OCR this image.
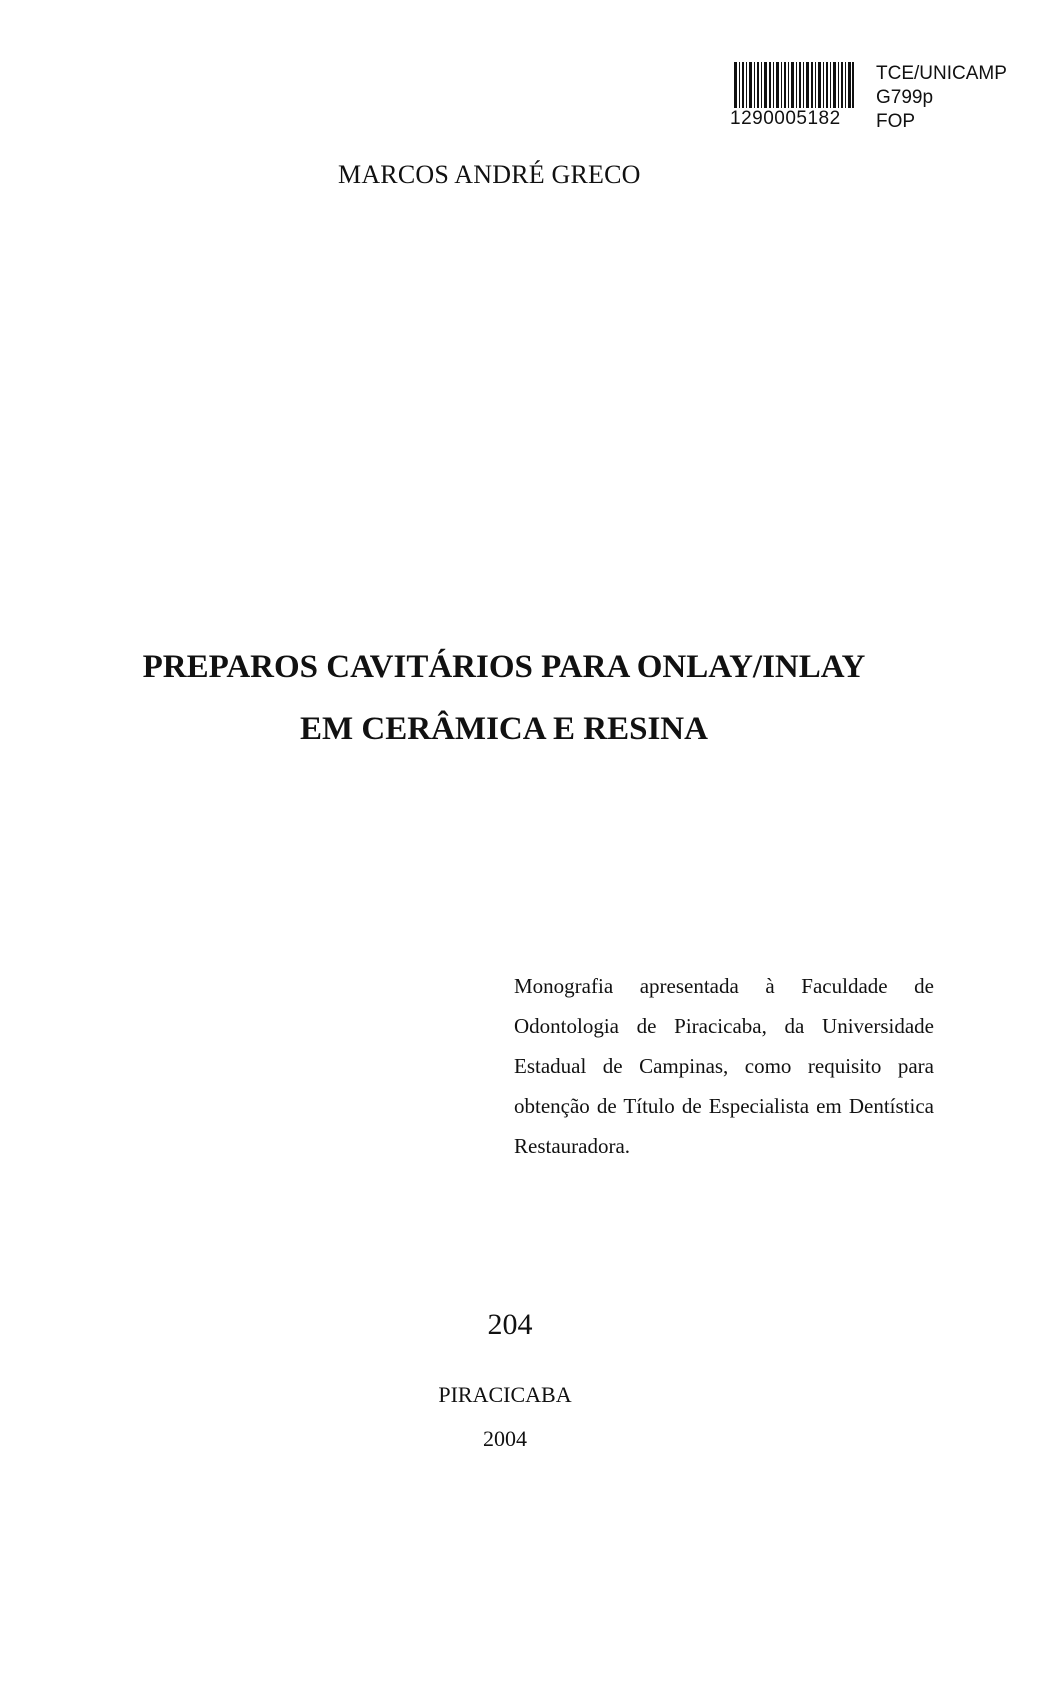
1290005182
TCE/UNICAMP
G799p
FOP
MARCOS ANDRÉ GRECO
PREPAROS CAVITÁRIOS PARA ONLAY/INLAY
EM CERÂMICA E RESINA
Monografia apresentada à Faculdade de Odontologia de Piracicaba, da Universidade Estadual de Campinas, como requisito para obtenção de Título de Especialista em Dentística Restauradora.
204
PIRACICABA
2004
